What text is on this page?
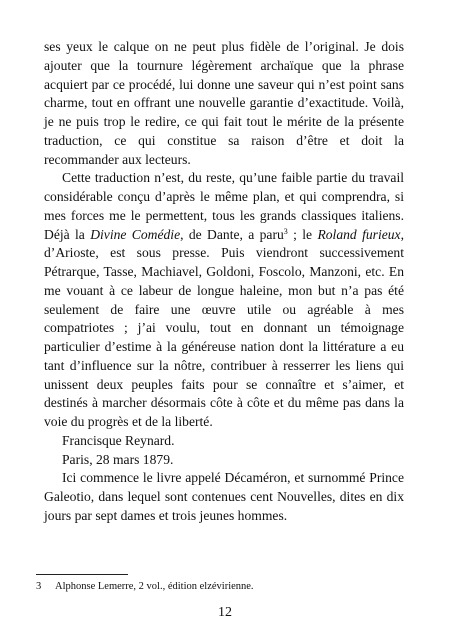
ses yeux le calque on ne peut plus fidèle de l’original. Je dois ajouter que la tournure légèrement archaïque que la phrase acquiert par ce procédé, lui donne une saveur qui n’est point sans charme, tout en offrant une nouvelle garantie d’exactitude. Voilà, je ne puis trop le redire, ce qui fait tout le mérite de la présente traduction, ce qui constitue sa raison d’être et doit la recommander aux lecteurs.

Cette traduction n’est, du reste, qu’une faible partie du travail considérable conçu d’après le même plan, et qui comprendra, si mes forces me le permettent, tous les grands classiques italiens. Déjà la Divine Comédie, de Dante, a paru$^3$ ; le Roland furieux, d’Arioste, est sous presse. Puis viendront successivement Pétrarque, Tasse, Machiavel, Goldoni, Foscolo, Manzoni, etc. En me vouant à ce labeur de longue haleine, mon but n’a pas été seulement de faire une œuvre utile ou agréable à mes compatriotes ; j’ai voulu, tout en donnant un témoignage particulier d’estime à la généreuse nation dont la littérature a eu tant d’influence sur la nôtre, contribuer à resserrer les liens qui unissent deux peuples faits pour se connaître et s’aimer, et destinés à marcher désormais côte à côte et du même pas dans la voie du progrès et de la liberté.

Francisque Reynard.

Paris, 28 mars 1879.

Ici commence le livre appelé Décaméron, et surnommé Prince Galeotio, dans lequel sont contenues cent Nouvelles, dites en dix jours par sept dames et trois jeunes hommes.

3 Alphonse Lemerre, 2 vol., édition elzévirienne.
12
